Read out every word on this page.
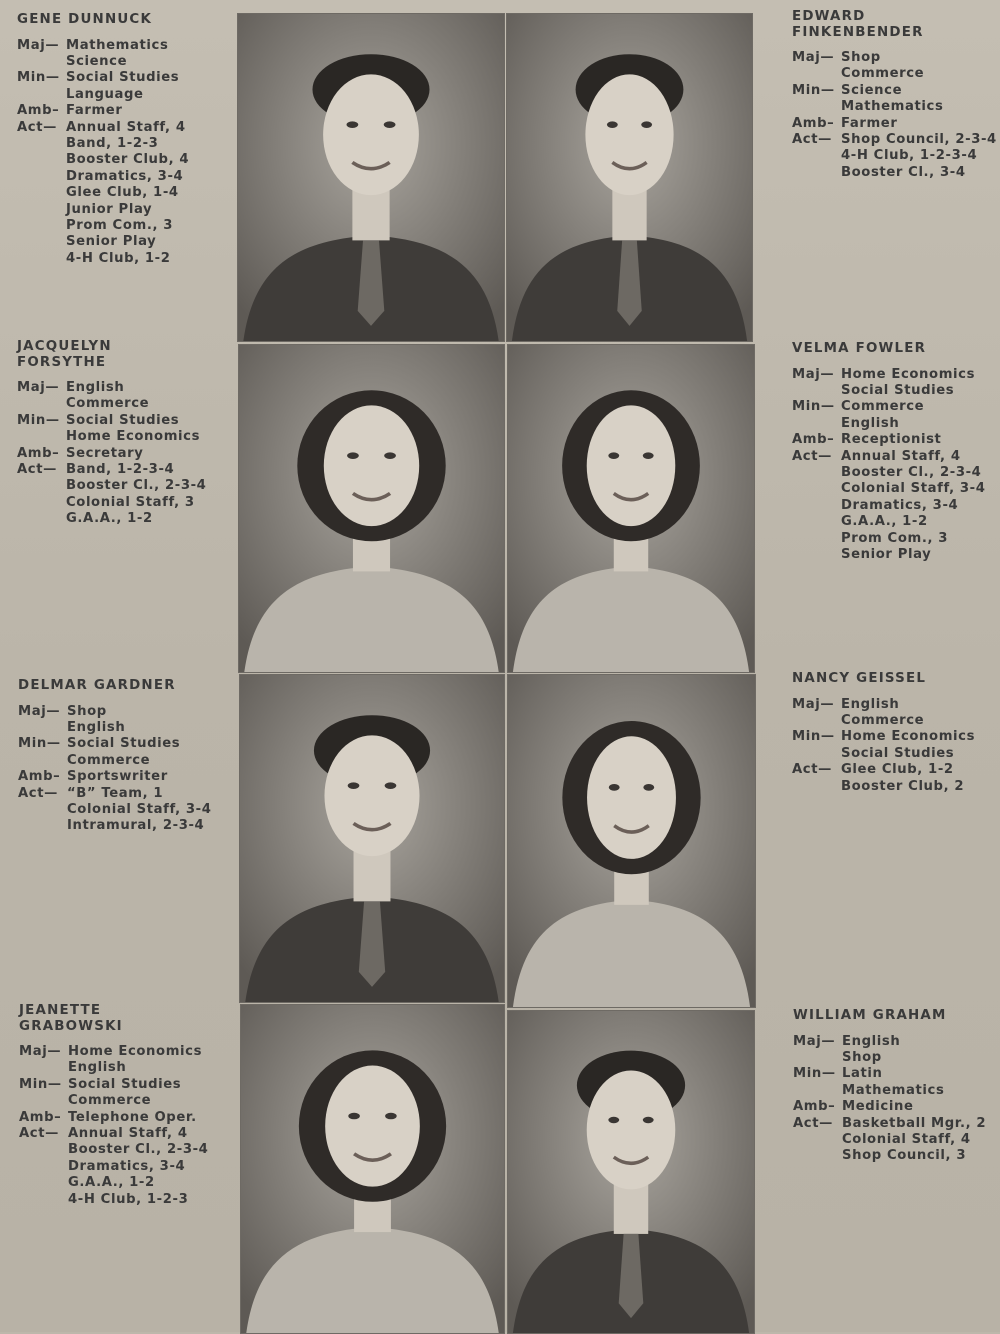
GENE DUNNUCK
Maj— Mathematics
Science
Min— Social Studies
Language
Amb– Farmer
Act— Annual Staff, 4
Band, 1-2-3
Booster Club, 4
Dramatics, 3-4
Glee Club, 1-4
Junior Play
Prom Com., 3
Senior Play
4-H Club, 1-2
EDWARD
FINKENBENDER
Maj— Shop
Commerce
Min— Science
Mathematics
Amb– Farmer
Act— Shop Council, 2-3-4
4-H Club, 1-2-3-4
Booster Cl., 3-4
JACQUELYN
FORSYTHE
Maj— English
Commerce
Min— Social Studies
Home Economics
Amb– Secretary
Act— Band, 1-2-3-4
Booster Cl., 2-3-4
Colonial Staff, 3
G.A.A., 1-2
VELMA FOWLER
Maj— Home Economics
Social Studies
Min— Commerce
English
Amb– Receptionist
Act— Annual Staff, 4
Booster Cl., 2-3-4
Colonial Staff, 3-4
Dramatics, 3-4
G.A.A., 1-2
Prom Com., 3
Senior Play
DELMAR GARDNER
Maj— Shop
English
Min— Social Studies
Commerce
Amb– Sportswriter
Act— “B” Team, 1
Colonial Staff, 3-4
Intramural, 2-3-4
NANCY GEISSEL
Maj— English
Commerce
Min— Home Economics
Social Studies
Act— Glee Club, 1-2
Booster Club, 2
JEANETTE
GRABOWSKI
Maj— Home Economics
English
Min— Social Studies
Commerce
Amb– Telephone Oper.
Act— Annual Staff, 4
Booster Cl., 2-3-4
Dramatics, 3-4
G.A.A., 1-2
4-H Club, 1-2-3
WILLIAM GRAHAM
Maj— English
Shop
Min— Latin
Mathematics
Amb– Medicine
Act— Basketball Mgr., 2
Colonial Staff, 4
Shop Council, 3
